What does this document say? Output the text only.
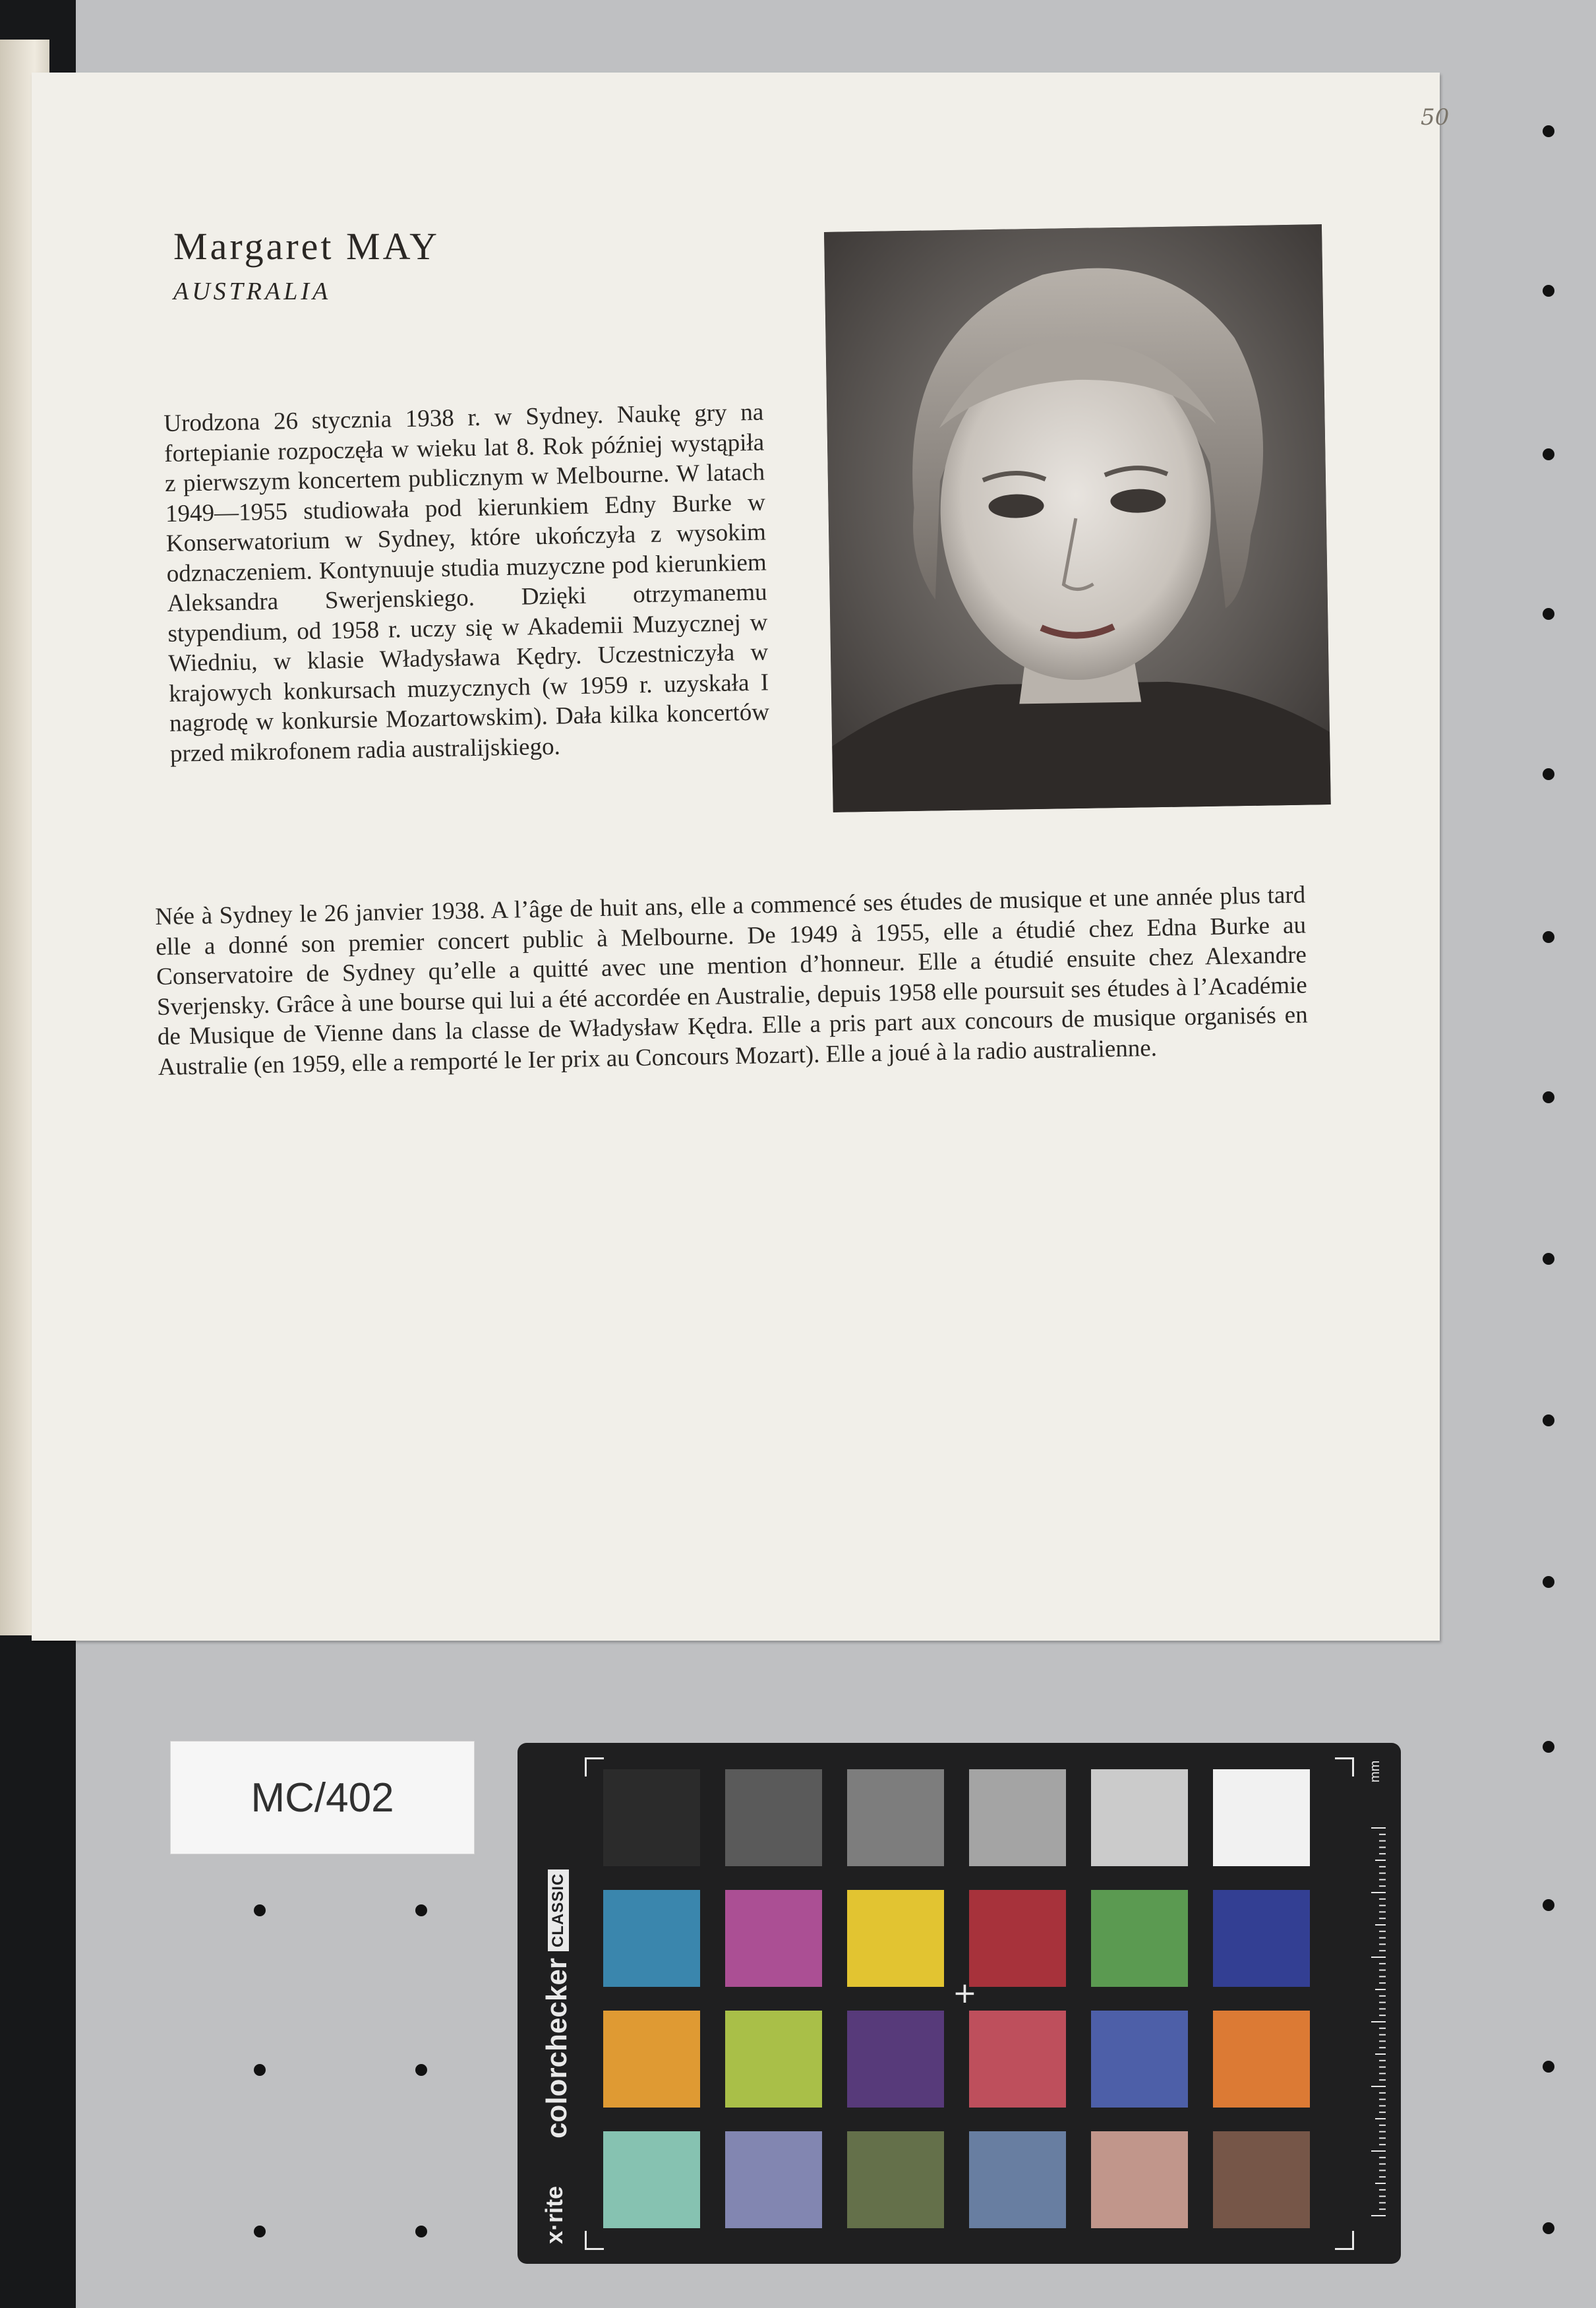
50
Margaret MAY
AUSTRALIA
Urodzona 26 stycznia 1938 r. w Sydney. Naukę gry na fortepianie rozpoczęła w wieku lat 8. Rok później wystąpiła z pierwszym koncertem publicznym w Melbourne. W latach 1949—1955 studiowała pod kierunkiem Edny Burke w Konserwatorium w Sydney, które ukończyła z wysokim odznaczeniem. Kontynuuje studia muzyczne pod kierunkiem Aleksandra Swerjenskiego. Dzięki otrzymanemu stypendium, od 1958 r. uczy się w Akademii Muzycznej w Wiedniu, w klasie Władysława Kędry. Uczestniczyła w krajowych konkursach muzycznych (w 1959 r. uzyskała I nagrodę w konkursie Mozartowskim). Dała kilka koncertów przed mikrofonem radia australijskiego.
Née à Sydney le 26 janvier 1938. A l’âge de huit ans, elle a commencé ses études de musique et une année plus tard elle a donné son premier concert public à Melbourne. De 1949 à 1955, elle a étudié chez Edna Burke au Conservatoire de Sydney qu’elle a quitté avec une mention d’honneur. Elle a étudié ensuite chez Alexandre Sverjensky. Grâce à une bourse qui lui a été accordée en Australie, depuis 1958 elle poursuit ses études à l’Académie de Musique de Vienne dans la classe de Władysław Kędra. Elle a pris part aux concours de musique organisés en Australie (en 1959, elle a remporté le Ier prix au Concours Mozart). Elle a joué à la radio australienne.
MC/402
colorcheckerCLASSIC
x·rite
+
mm
